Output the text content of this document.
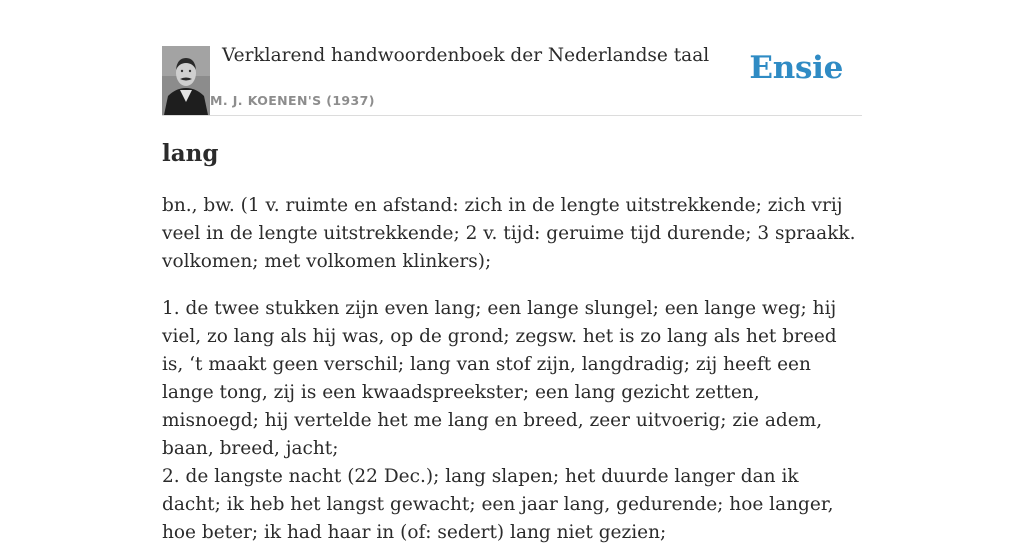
Verklarend handwoordenboek der Nederlandse taal
M. J. KOENEN'S (1937)
Ensie
lang

bn., bw. (1 v. ruimte en afstand: zich in de lengte uitstrekkende; zich vrij veel in de lengte uitstrekkende; 2 v. tijd: geruime tijd durende; 3 spraakk. volkomen; met volkomen klinkers);

1. de twee stukken zijn even lang; een lange slungel; een lange weg; hij viel, zo lang als hij was, op de grond; zegsw. het is zo lang als het breed is, ‘t maakt geen verschil; lang van stof zijn, langdradig; zij heeft een lange tong, zij is een kwaadspreekster; een lang gezicht zetten, misnoegd; hij vertelde het me lang en breed, zeer uitvoerig; zie adem, baan, breed, jacht;

2. de langste nacht (22 Dec.); lang slapen; het duurde langer dan ik dacht; ik heb het langst gewacht; een jaar lang, gedurende; hoe langer, hoe beter; ik had haar in (of: sedert) lang niet gezien;
